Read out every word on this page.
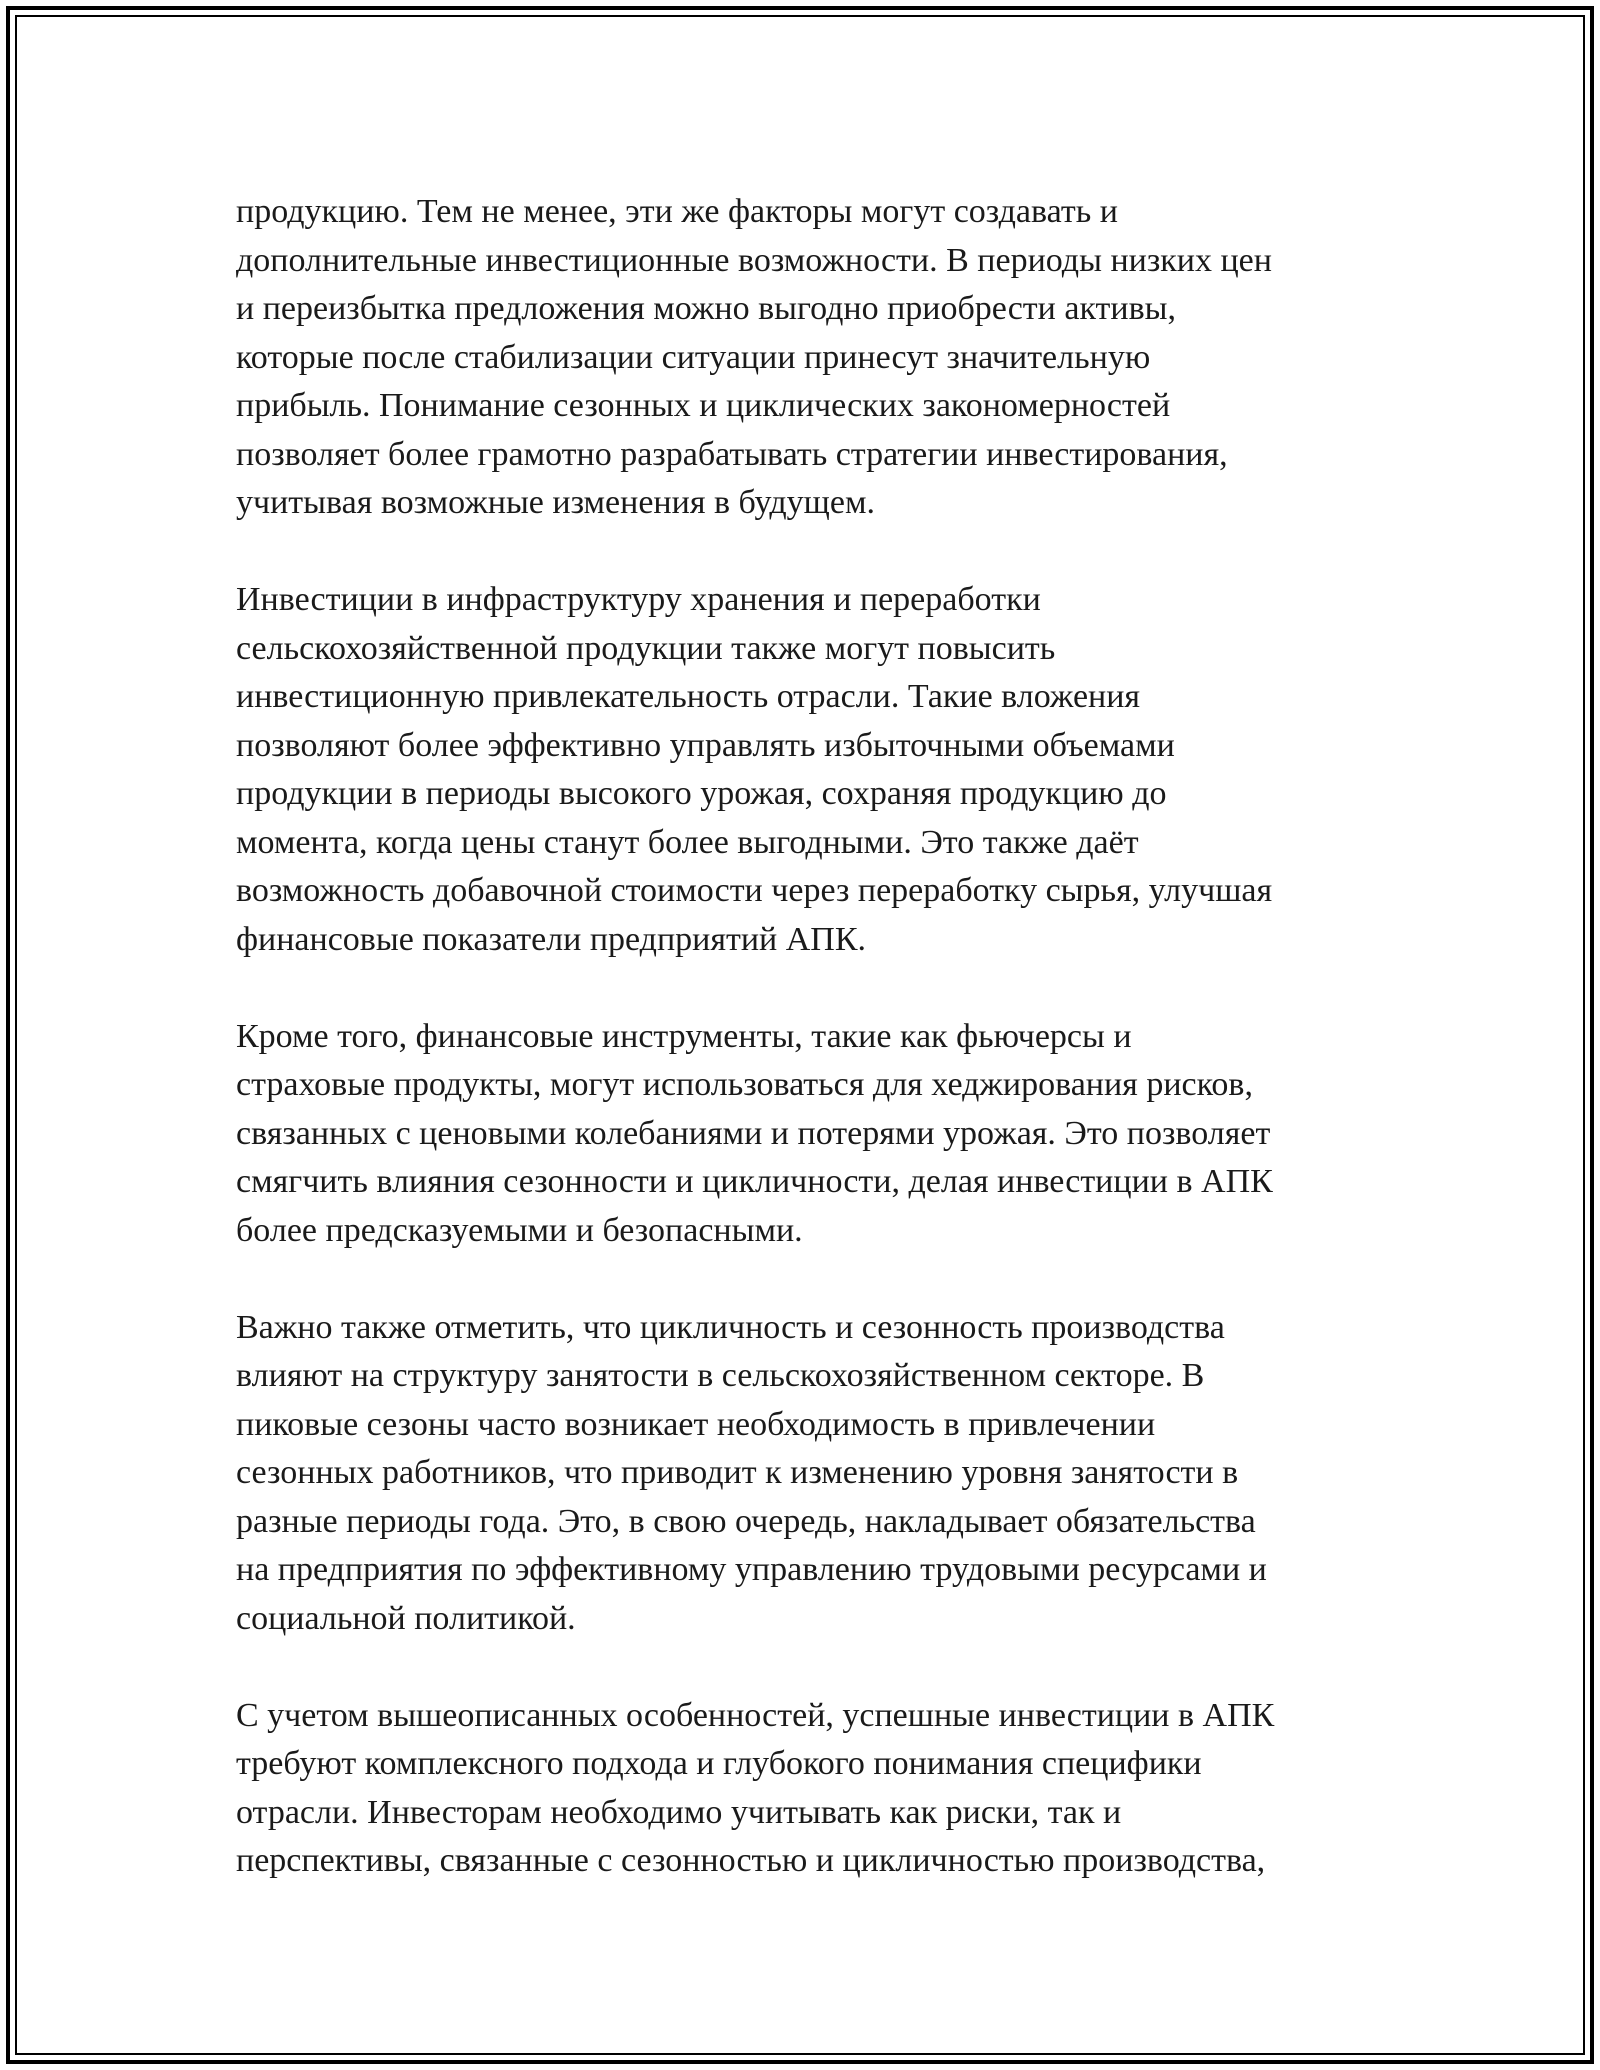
продукцию. Тем не менее, эти же факторы могут создавать и
дополнительные инвестиционные возможности. В периоды низких цен
и переизбытка предложения можно выгодно приобрести активы,
которые после стабилизации ситуации принесут значительную
прибыль. Понимание сезонных и циклических закономерностей
позволяет более грамотно разрабатывать стратегии инвестирования,
учитывая возможные изменения в будущем.
Инвестиции в инфраструктуру хранения и переработки
сельскохозяйственной продукции также могут повысить
инвестиционную привлекательность отрасли. Такие вложения
позволяют более эффективно управлять избыточными объемами
продукции в периоды высокого урожая, сохраняя продукцию до
момента, когда цены станут более выгодными. Это также даёт
возможность добавочной стоимости через переработку сырья, улучшая
финансовые показатели предприятий АПК.
Кроме того, финансовые инструменты, такие как фьючерсы и
страховые продукты, могут использоваться для хеджирования рисков,
связанных с ценовыми колебаниями и потерями урожая. Это позволяет
смягчить влияния сезонности и цикличности, делая инвестиции в АПК
более предсказуемыми и безопасными.
Важно также отметить, что цикличность и сезонность производства
влияют на структуру занятости в сельскохозяйственном секторе. В
пиковые сезоны часто возникает необходимость в привлечении
сезонных работников, что приводит к изменению уровня занятости в
разные периоды года. Это, в свою очередь, накладывает обязательства
на предприятия по эффективному управлению трудовыми ресурсами и
социальной политикой.
С учетом вышеописанных особенностей, успешные инвестиции в АПК
требуют комплексного подхода и глубокого понимания специфики
отрасли. Инвесторам необходимо учитывать как риски, так и
перспективы, связанные с сезонностью и цикличностью производства,
